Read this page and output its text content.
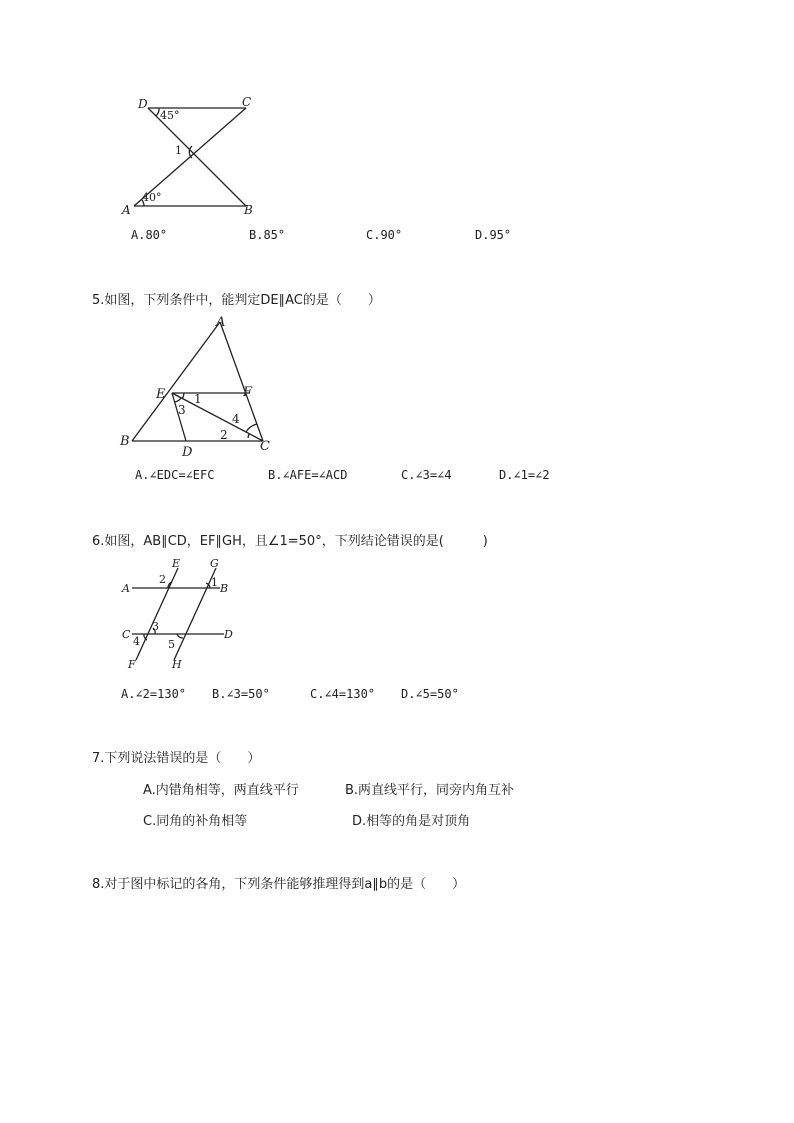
D	C
A	B
1
45°
40°
A.80°	B.85°	C.90°	D.95°
5.如图，下列条件中，能判定DE∥AC的是（　　）
A
E	F
B
D	C
1
2
3
4
A.∠EDC=∠EFC	B.∠AFE=∠ACD	C.∠3=∠4	D.∠1=∠2
6.如图，AB∥CD，EF∥GH，且∠1=50°，下列结论错误的是(　　　)
E	G
A	B
C	D
F	H
1
2
3
4	5
A.∠2=130° B.∠3=50°	C.∠4=130° D.∠5=50°
7.下列说法错误的是（　　）
A.内错角相等，两直线平行	B.两直线平行，同旁内角互补
C.同角的补角相等	D.相等的角是对顶角
8.对于图中标记的各角，下列条件能够推理得到a∥b的是（　　）
